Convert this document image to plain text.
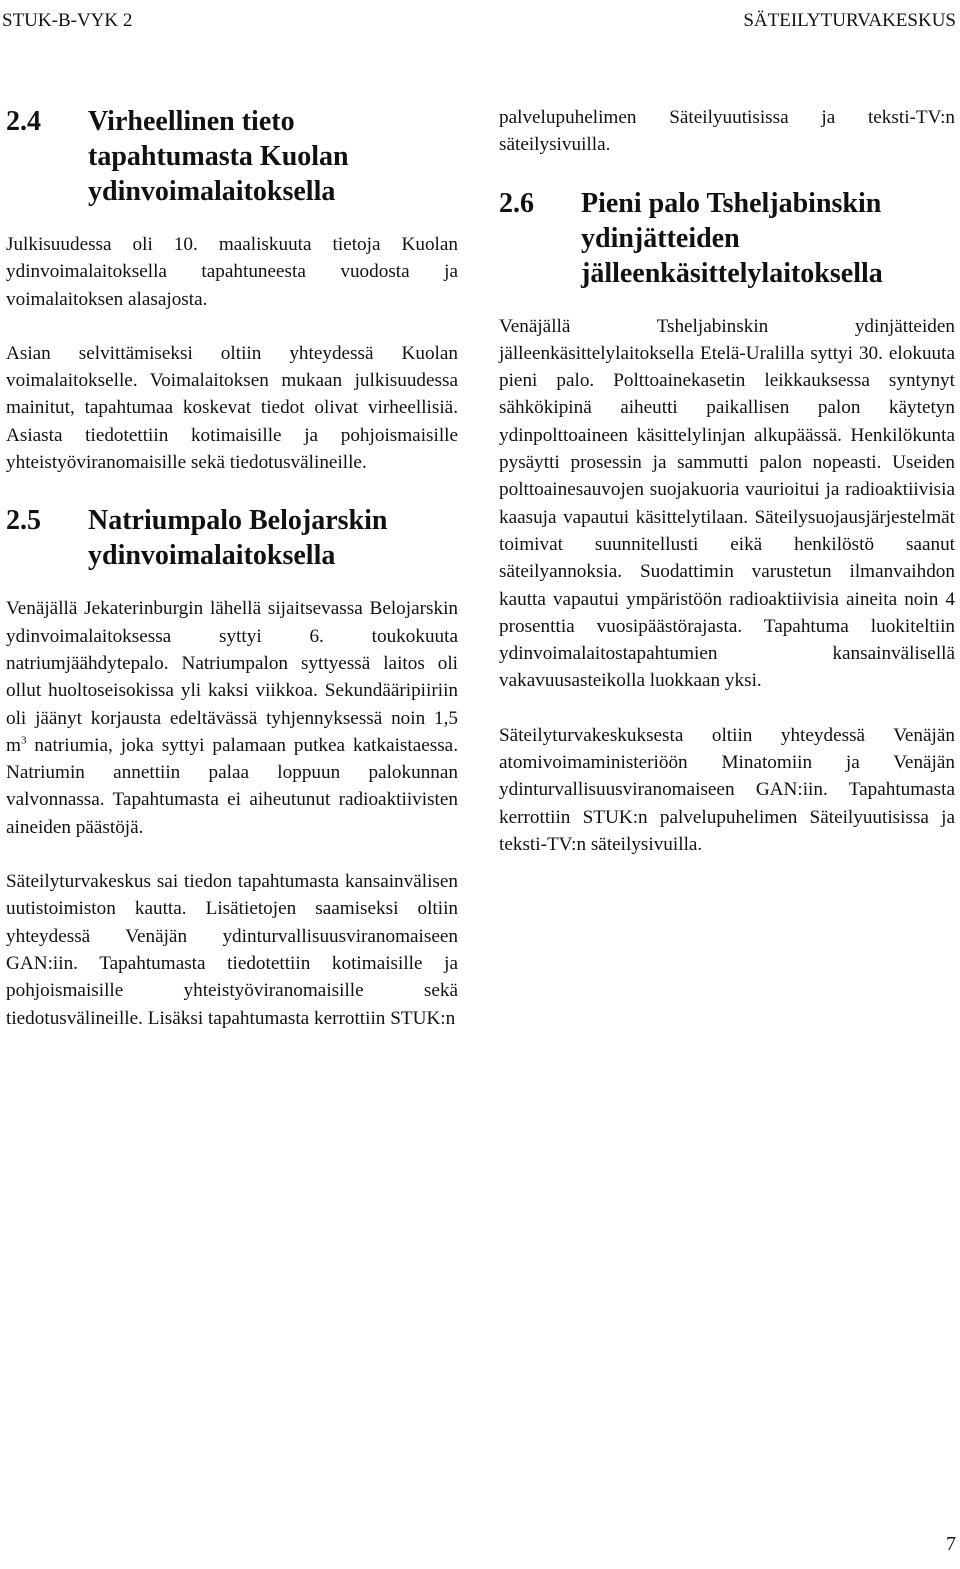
STUK-B-VYK 2	SÄTEILYTURVAKESKUS
2.4	Virheellinen tieto tapahtumasta Kuolan ydinvoimalaitoksella

Julkisuudessa oli 10. maaliskuuta tietoja Kuolan ydinvoimalaitoksella tapahtuneesta vuodosta ja voimalaitoksen alasajosta.

Asian selvittämiseksi oltiin yhteydessä Kuolan voimalaitokselle. Voimalaitoksen mukaan julkisuudessa mainitut, tapahtumaa koskevat tiedot olivat virheellisiä. Asiasta tiedotettiin kotimaisille ja pohjoismaisille yhteistyöviranomaisille sekä tiedotusvälineille.

2.5	Natriumpalo Belojarskin ydinvoimalaitoksella

Venäjällä Jekaterinburgin lähellä sijaitsevassa Belojarskin ydinvoimalaitoksessa syttyi 6. toukokuuta natriumjäähdytepalo. Natriumpalon syttyessä laitos oli ollut huoltoseisokissa yli kaksi viikkoa. Sekundääripiiriin oli jäänyt korjausta edeltävässä tyhjennyksessä noin 1,5 $m^3$ natriumia, joka syttyi palamaan putkea katkaistaessa. Natriumin annettiin palaa loppuun palokunnan valvonnassa. Tapahtumasta ei aiheutunut radioaktiivisten aineiden päästöjä.

Säteilyturvakeskus sai tiedon tapahtumasta kansainvälisen uutistoimiston kautta. Lisätietojen saamiseksi oltiin yhteydessä Venäjän ydinturvallisuusviranomaiseen GAN:iin. Tapahtumasta tiedotettiin kotimaisille ja pohjoismaisille yhteistyöviranomaisille sekä tiedotusvälineille. Lisäksi tapahtumasta kerrottiin STUK:n

palvelupuhelimen Säteilyuutisissa ja teksti-TV:n säteilysivuilla.

2.6	Pieni palo Tsheljabinskin ydinjätteiden jälleenkäsittelylaitoksella

Venäjällä Tsheljabinskin ydinjätteiden jälleenkäsittelylaitoksella Etelä-Uralilla syttyi 30. elokuuta pieni palo. Polttoainekasetin leikkauksessa syntynyt sähkökipinä aiheutti paikallisen palon käytetyn ydinpolttoaineen käsittelylinjan alkupäässä. Henkilökunta pysäytti prosessin ja sammutti palon nopeasti. Useiden polttoainesauvojen suojakuoria vaurioitui ja radioaktiivisia kaasuja vapautui käsittelytilaan. Säteilysuojausjärjestelmät toimivat suunnitellusti eikä henkilöstö saanut säteilyannoksia. Suodattimin varustetun ilmanvaihdon kautta vapautui ympäristöön radioaktiivisia aineita noin 4 prosenttia vuosipäästörajasta. Tapahtuma luokiteltiin ydinvoimalaitostapahtumien kansainvälisellä vakavuusasteikolla luokkaan yksi.

Säteilyturvakeskuksesta oltiin yhteydessä Venäjän atomivoimaministeriöön Minatomiin ja Venäjän ydinturvallisuusviranomaiseen GAN:iin. Tapahtumasta kerrottiin STUK:n palvelupuhelimen Säteilyuutisissa ja teksti-TV:n säteilysivuilla.

7
